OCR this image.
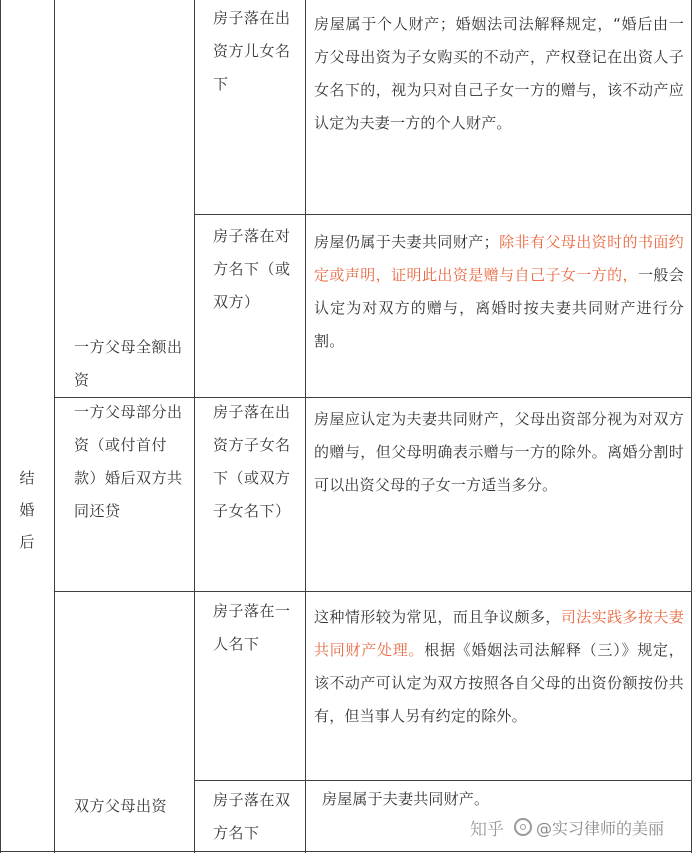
结
婚
后
一方父母全额出资
一方父母部分出资（或付首付款）婚后双方共同还贷
双方父母出资
房子落在出资方儿女名下
房子落在对方名下（或双方）
房子落在出资方子女名下（或双方子女名下）
房子落在一人名下
房子落在双方名下
房屋属于个人财产；婚姻法司法解释规定，“婚后由一方父母出资为子女购买的不动产，产权登记在出资人子女名下的，视为只对自己子女一方的赠与，该不动产应认定为夫妻一方的个人财产。
房屋仍属于夫妻共同财产；除非有父母出资时的书面约定或声明，证明此出资是赠与自己子女一方的，一般会认定为对双方的赠与，离婚时按夫妻共同财产进行分割。
房屋应认定为夫妻共同财产，父母出资部分视为对双方的赠与，但父母明确表示赠与一方的除外。离婚分割时可以出资父母的子女一方适当多分。
这种情形较为常见，而且争议颇多，司法实践多按夫妻共同财产处理。根据《婚姻法司法解释（三）》规定，该不动产可认定为双方按照各自父母的出资份额按份共有，但当事人另有约定的除外。
房屋属于夫妻共同财产。
知乎 @实习律师的美丽
